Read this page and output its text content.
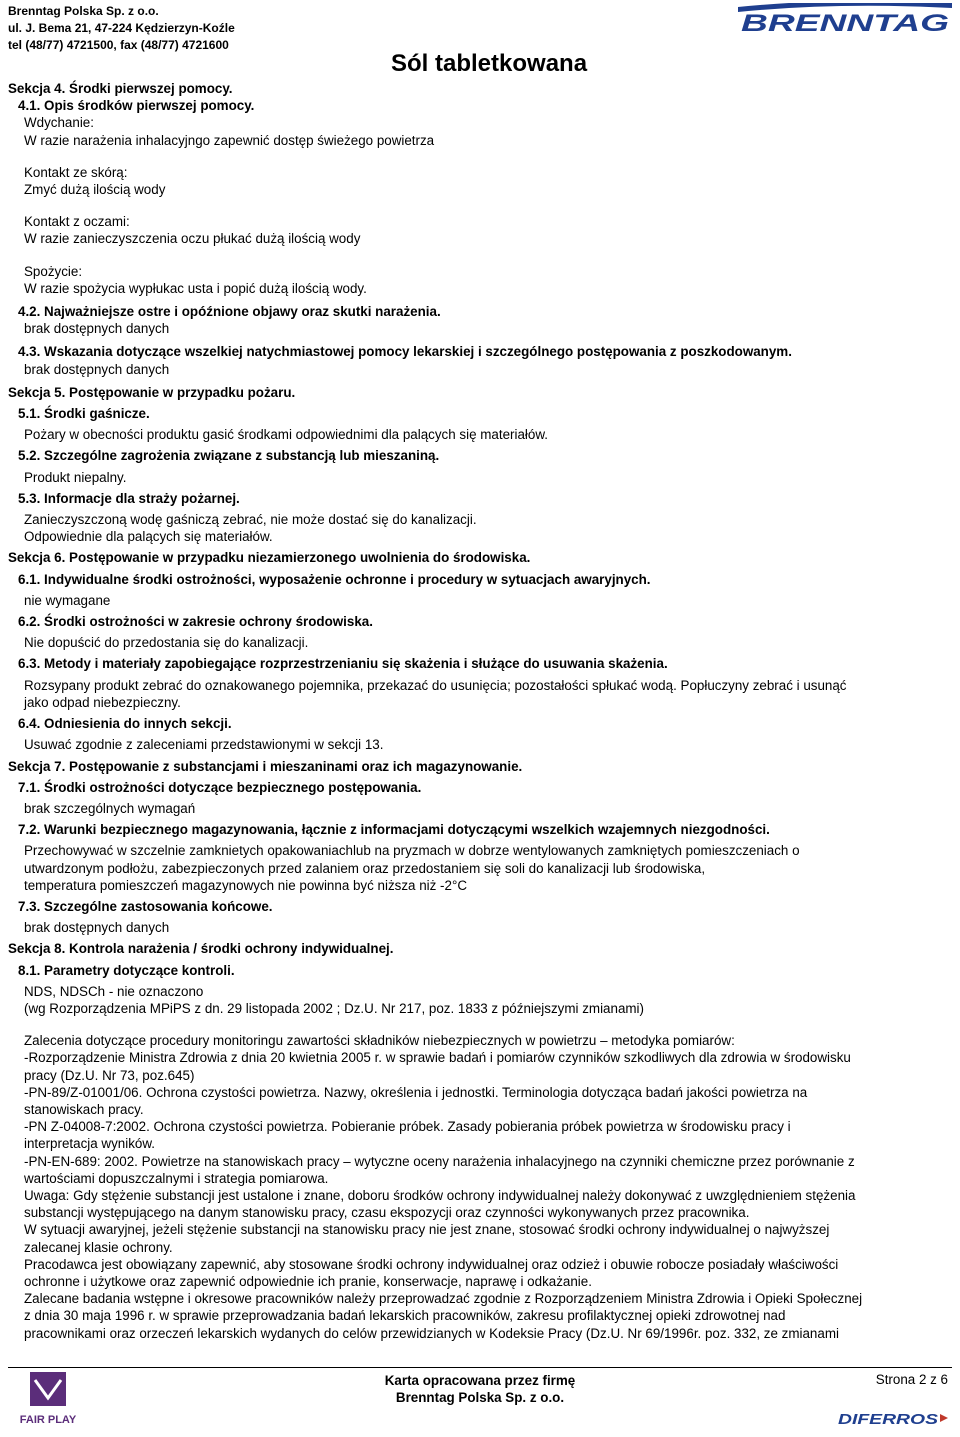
Brenntag Polska Sp. z o.o.
ul. J. Bema 21, 47-224 Kędzierzyn-Koźle
tel (48/77) 4721500, fax (48/77) 4721600
BRENNTAG
Sól tabletkowana
Sekcja 4. Środki pierwszej pomocy.
4.1. Opis środków pierwszej pomocy.
Wdychanie:
W razie narażenia inhalacyjngo zapewnić dostęp świeżego powietrza
Kontakt ze skórą:
Zmyć dużą ilością wody
Kontakt z oczami:
W razie zanieczyszczenia oczu płukać dużą ilością wody
Spożycie:
W razie spożycia wypłukac usta i popić dużą ilością wody.
4.2. Najważniejsze ostre i opóźnione objawy oraz skutki narażenia.
brak dostępnych danych
4.3. Wskazania dotyczące wszelkiej natychmiastowej pomocy lekarskiej i szczególnego postępowania z poszkodowanym.
brak dostępnych danych
Sekcja 5. Postępowanie w przypadku pożaru.
5.1. Środki gaśnicze.
Pożary w obecności produktu gasić środkami odpowiednimi dla palących się materiałów.
5.2. Szczególne zagrożenia związane z substancją lub mieszaniną.
Produkt niepalny.
5.3. Informacje dla straży pożarnej.
Zanieczyszczoną wodę gaśniczą zebrać, nie może dostać się do kanalizacji.
Odpowiednie dla palących się materiałów.
Sekcja 6. Postępowanie w przypadku niezamierzonego uwolnienia do środowiska.
6.1. Indywidualne środki ostrożności, wyposażenie ochronne i procedury w sytuacjach awaryjnych.
nie wymagane
6.2. Środki ostrożności w zakresie ochrony środowiska.
Nie dopuścić do przedostania się do kanalizacji.
6.3. Metody i materiały zapobiegające rozprzestrzenianiu się skażenia i służące do usuwania skażenia.
Rozsypany produkt zebrać do oznakowanego pojemnika, przekazać do usunięcia; pozostałości spłukać wodą. Popłuczyny zebrać i usunąć
jako odpad niebezpieczny.
6.4. Odniesienia do innych sekcji.
Usuwać zgodnie z zaleceniami przedstawionymi w sekcji 13.
Sekcja 7. Postępowanie z substancjami i mieszaninami oraz ich magazynowanie.
7.1. Środki ostrożności dotyczące bezpiecznego postępowania.
brak szczególnych wymagań
7.2. Warunki bezpiecznego magazynowania, łącznie z informacjami dotyczącymi wszelkich wzajemnych niezgodności.
Przechowywać w szczelnie zamknietych opakowaniachlub na pryzmach w dobrze wentylowanych zamkniętych pomieszczeniach o
utwardzonym podłożu, zabezpieczonych przed zalaniem oraz przedostaniem się soli do kanalizacji lub środowiska,
temperatura pomieszczeń magazynowych nie powinna być niższa niż -2°C
7.3. Szczególne zastosowania końcowe.
brak dostępnych danych
Sekcja 8. Kontrola narażenia / środki ochrony indywidualnej.
8.1. Parametry dotyczące kontroli.
NDS, NDSCh - nie oznaczono
(wg Rozporządzenia MPiPS z dn. 29 listopada 2002 ; Dz.U. Nr 217, poz. 1833 z późniejszymi zmianami)
Zalecenia dotyczące procedury monitoringu zawartości składników niebezpiecznych w powietrzu – metodyka pomiarów:
-Rozporządzenie Ministra Zdrowia z dnia 20 kwietnia 2005 r. w sprawie badań i pomiarów czynników szkodliwych dla zdrowia w środowisku
pracy (Dz.U. Nr 73, poz.645)
-PN-89/Z-01001/06. Ochrona czystości powietrza. Nazwy, określenia i jednostki. Terminologia dotycząca badań jakości powietrza na
stanowiskach pracy.
-PN Z-04008-7:2002. Ochrona czystości powietrza. Pobieranie próbek. Zasady pobierania próbek powietrza w środowisku pracy i
interpretacja wyników.
-PN-EN-689: 2002. Powietrze na stanowiskach pracy – wytyczne oceny narażenia inhalacyjnego na czynniki chemiczne przez porównanie z
wartościami dopuszczalnymi i strategia pomiarowa.
Uwaga: Gdy stężenie substancji jest ustalone i znane, doboru środków ochrony indywidualnej należy dokonywać z uwzględnieniem stężenia
substancji występującego na danym stanowisku pracy, czasu ekspozycji oraz czynności wykonywanych przez pracownika.
W sytuacji awaryjnej, jeżeli stężenie substancji na stanowisku pracy nie jest znane, stosować środki ochrony indywidualnej o najwyższej
zalecanej klasie ochrony.
Pracodawca jest obowiązany zapewnić, aby stosowane środki ochrony indywidualnej oraz odzież i obuwie robocze posiadały właściwości
ochronne i użytkowe oraz zapewnić odpowiednie ich pranie, konserwacje, naprawę i odkażanie.
Zalecane badania wstępne i okresowe pracowników należy przeprowadzać zgodnie z Rozporządzeniem Ministra Zdrowia i Opieki Społecznej
z dnia 30 maja 1996 r. w sprawie przeprowadzania badań lekarskich pracowników, zakresu profilaktycznej opieki zdrowotnej nad
pracownikami oraz orzeczeń lekarskich wydanych do celów przewidzianych w Kodeksie Pracy (Dz.U. Nr 69/1996r. poz. 332, ze zmianami
FAIR PLAY
Karta opracowana przez firmę
Brenntag Polska Sp. z o.o.
Strona 2 z 6
DIFERROS
